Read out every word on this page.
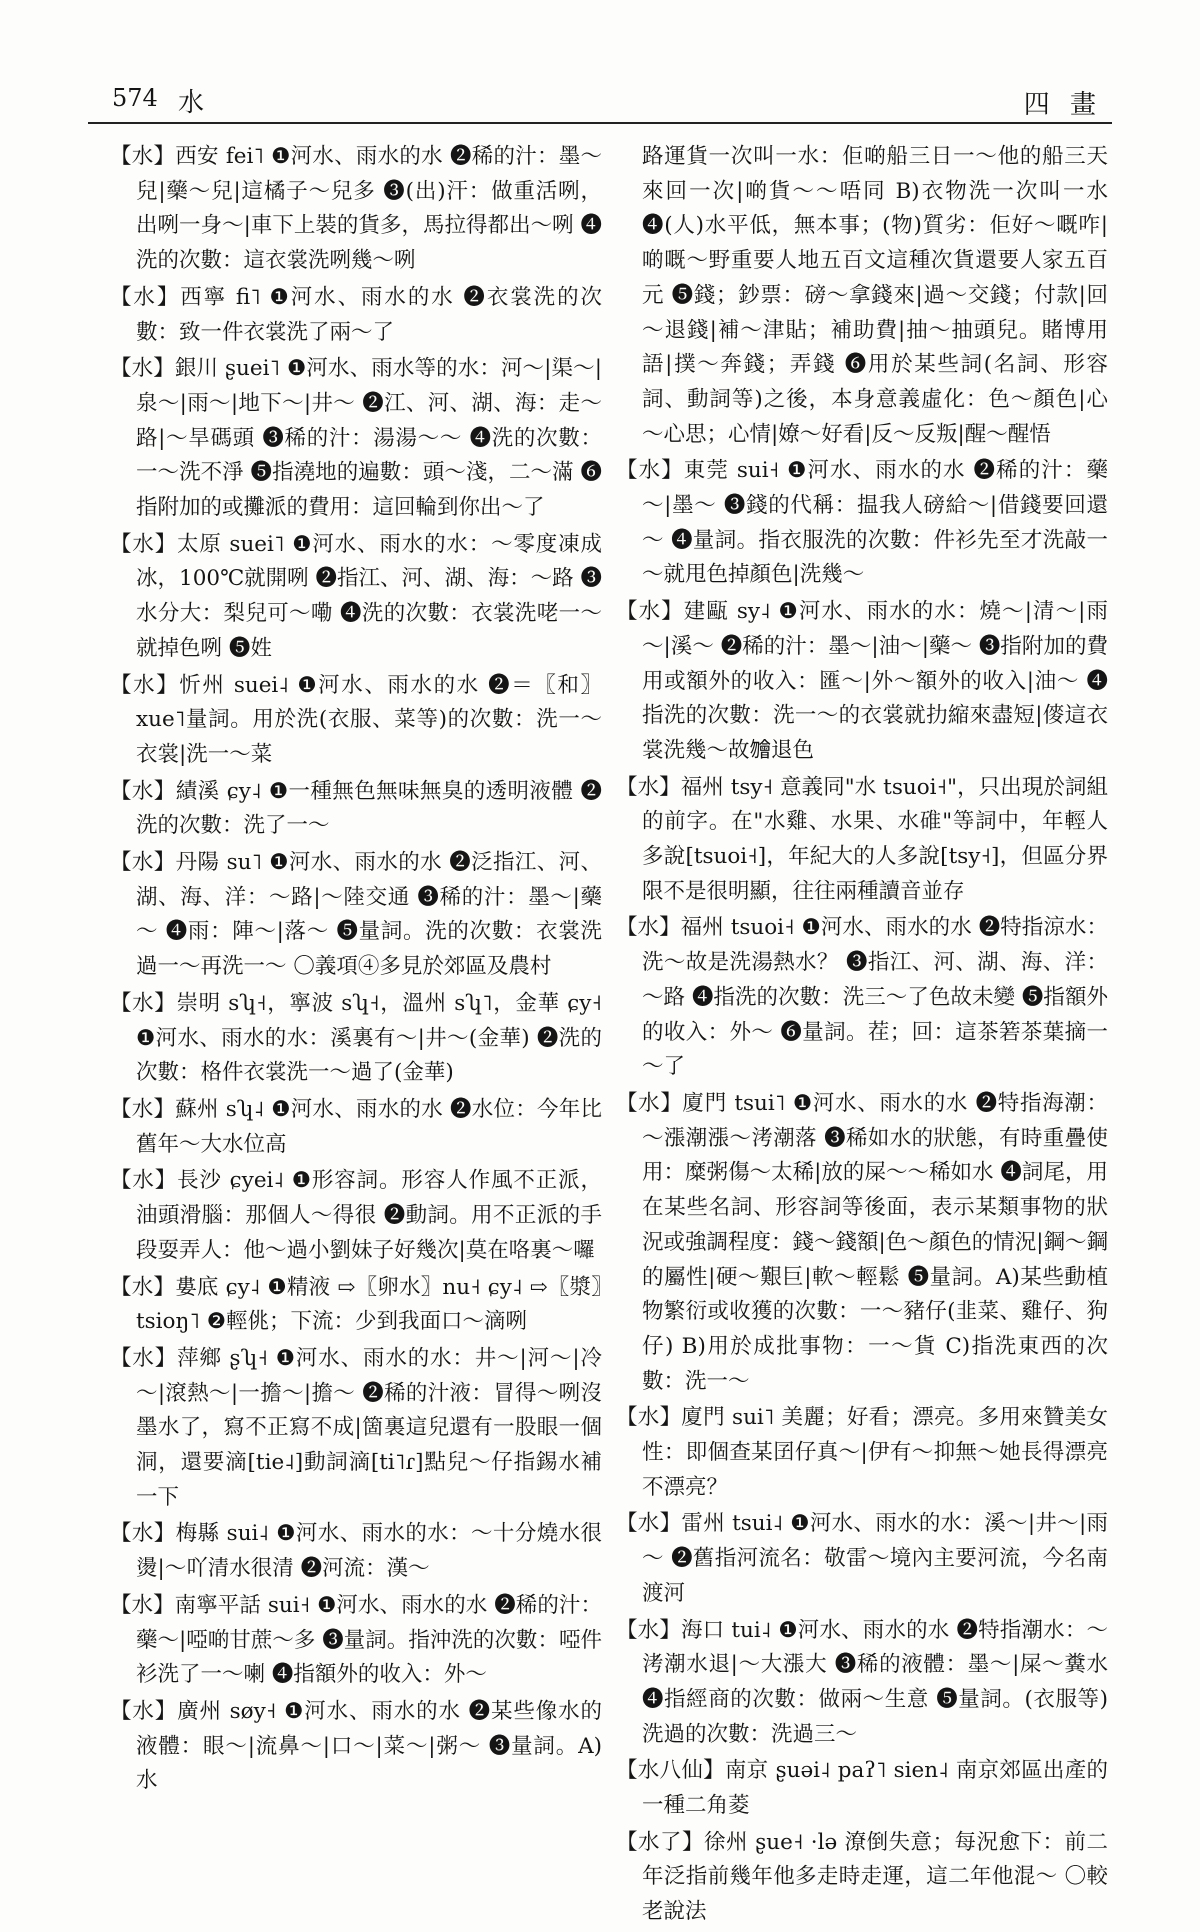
574 水	四 畫

【水】西安 fei˥ ❶河水、雨水的水 ❷稀的汁：墨～兒|藥～兒|這橘子～兒多 ❸(出)汗：做重活咧，出咧一身～|車下上裝的貨多，馬拉得都出～咧 ❹洗的次數：這衣裳洗咧幾～咧

【水】西寧 fi˥ ❶河水、雨水的水 ❷衣裳洗的次數：致一件衣裳洗了兩～了

【水】銀川 ʂuei˥ ❶河水、雨水等的水：河～|渠～|泉～|雨～|地下～|井～ ❷江、河、湖、海：走～路|～旱碼頭 ❸稀的汁：湯湯～～ ❹洗的次數：一～洗不淨 ❺指澆地的遍數：頭～淺，二～滿 ❻指附加的或攤派的費用：這回輪到你出～了

【水】太原 suei˥ ❶河水、雨水的水：～零度凍成冰，100℃就開咧 ❷指江、河、湖、海：～路 ❸水分大：梨兒可～嘞 ❹洗的次數：衣裳洗咾一～就掉色咧 ❺姓

【水】忻州 suei˨ ❶河水、雨水的水 ❷＝〖和〗xue˥量詞。用於洗(衣服、菜等)的次數：洗一～衣裳|洗一～菜

【水】績溪 ɕy˨ ❶一種無色無味無臭的透明液體 ❷洗的次數：洗了一～

【水】丹陽 su˥ ❶河水、雨水的水 ❷泛指江、河、湖、海、洋：～路|～陸交通 ❸稀的汁：墨～|藥～ ❹雨：陣～|落～ ❺量詞。洗的次數：衣裳洗過一～再洗一～ 〇義項④多見於郊區及農村

【水】崇明 sʮ˧，寧波 sʮ˧，溫州 sʮ˥，金華 ɕy˧ ❶河水、雨水的水：溪裏有～|井～(金華) ❷洗的次數：格件衣裳洗一～過了(金華)

【水】蘇州 sʮ˨ ❶河水、雨水的水 ❷水位：今年比舊年～大水位高

【水】長沙 ɕyei˨ ❶形容詞。形容人作風不正派，油頭滑腦：那個人～得很 ❷動詞。用不正派的手段耍弄人：他～過小劉妹子好幾次|莫在咯裏～囉

【水】婁底 ɕy˨ ❶精液 ⇨〖卵水〗nu˧ ɕy˨ ⇨〖漿〗tsioŋ˥ ❷輕佻；下流：少到我面口～滴咧

【水】萍鄉 ʂʮ˧ ❶河水、雨水的水：井～|河～|冷～|滾熱～|一擔～|擔～ ❷稀的汁液：冒得～咧沒墨水了，寫不正寫不成|箇裏這兒還有一股眼一個洞，還要滴[tie˨]動詞滴[ti˥ɾ]點兒～仔指錫水補一下

【水】梅縣 sui˨ ❶河水、雨水的水：～十分燒水很燙|～吖清水很清 ❷河流：漢～

【水】南寧平話 sui˧ ❶河水、雨水的水 ❷稀的汁：藥～|啞啲甘蔗～多 ❸量詞。指沖洗的次數：啞件衫洗了一～喇 ❹指額外的收入：外～

【水】廣州 søy˧ ❶河水、雨水的水 ❷某些像水的液體：眼～|流鼻～|口～|菜～|粥～ ❸量詞。A)水

路運貨一次叫一水：佢啲船三日一～他的船三天來回一次|啲貨～～唔同 B)衣物洗一次叫一水 ❹(人)水平低，無本事；(物)質劣：佢好～嘅咋|啲嘅～野重要人地五百文這種次貨還要人家五百元 ❺錢；鈔票：磅～拿錢來|過～交錢；付款|回～退錢|補～津貼；補助費|抽～抽頭兒。賭博用語|撲～奔錢；弄錢 ❻用於某些詞(名詞、形容詞、動詞等)之後，本身意義虛化：色～顏色|心～心思；心情|嫽～好看|反～反叛|醒～醒悟

【水】東莞 sui˧ ❶河水、雨水的水 ❷稀的汁：藥～|墨～ ❸錢的代稱：揾我人磅給～|借錢要回還～ ❹量詞。指衣服洗的次數：件衫先至才洗敲一～就甩色掉顏色|洗幾～

【水】建甌 sy˨ ❶河水、雨水的水：燒～|清～|雨～|溪～ ❷稀的汁：墨～|油～|藥～ ❸指附加的費用或額外的收入：匯～|外～額外的收入|油～ ❹指洗的次數：洗一～的衣裳就扐縮來盡短|𠍅這衣裳洗幾～故𣍐退色

【水】福州 tsy˧ 意義同"水 tsuoi˧"，只出現於詞組的前字。在"水雞、水果、水碓"等詞中，年輕人多說[tsuoi˧]，年紀大的人多說[tsy˧]，但區分界限不是很明顯，往往兩種讀音並存

【水】福州 tsuoi˧ ❶河水、雨水的水 ❷特指涼水：洗～故是洗湯熱水？ ❸指江、河、湖、海、洋：～路 ❹指洗的次數：洗三～了色故未變 ❺指額外的收入：外～ ❻量詞。茬；回：這茶箬茶葉摘一～了

【水】廈門 tsui˥ ❶河水、雨水的水 ❷特指海潮：～漲潮漲～洘潮落 ❸稀如水的狀態，有時重疊使用：糜粥傷～太稀|放的屎～～稀如水 ❹詞尾，用在某些名詞、形容詞等後面，表示某類事物的狀況或強調程度：錢～錢額|色～顏色的情況|鋼～鋼的屬性|硬～艱巨|軟～輕鬆 ❺量詞。A)某些動植物繁衍或收獲的次數：一～豬仔(韭菜、雞仔、狗仔) B)用於成批事物：一～貨 C)指洗東西的次數：洗一～

【水】廈門 sui˥ 美麗；好看；漂亮。多用來贊美女性：即個查某囝仔真～|伊有～抑無～她長得漂亮不漂亮？

【水】雷州 tsui˨ ❶河水、雨水的水：溪～|井～|雨～ ❷舊指河流名：敬雷～境內主要河流，今名南渡河

【水】海口 tui˨ ❶河水、雨水的水 ❷特指潮水：～洘潮水退|～大漲大 ❸稀的液體：墨～|屎～糞水 ❹指經商的次數：做兩～生意 ❺量詞。(衣服等)洗過的次數：洗過三～

【水八仙】南京 ʂuəi˨ paʔ˥ sien˨ 南京郊區出產的一種二角菱

【水了】徐州 ʂue˧ ·lə 潦倒失意；每況愈下：前二年泛指前幾年他多走時走運，這二年他混～ 〇較老說法
